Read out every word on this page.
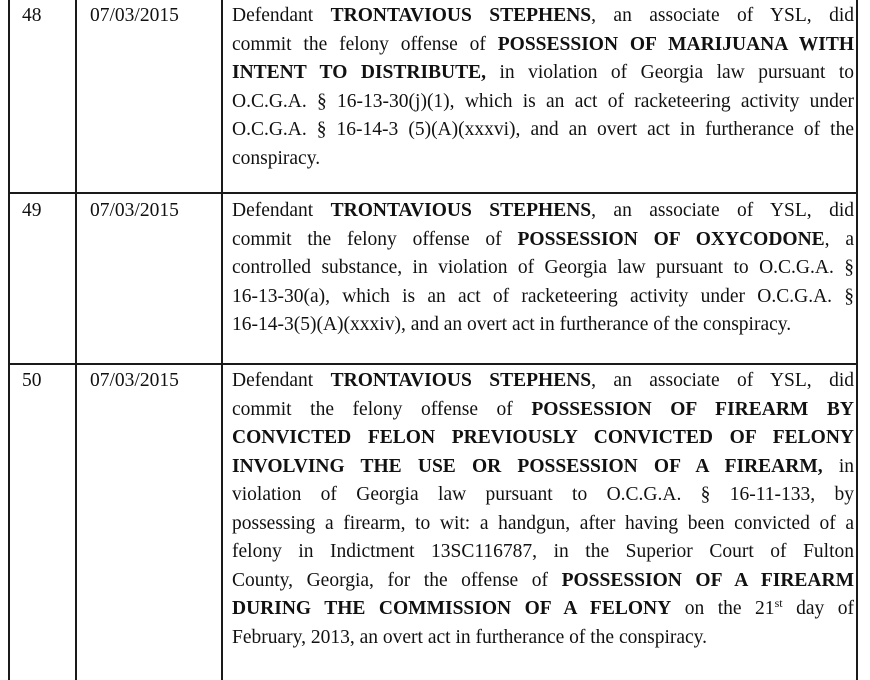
48 07/03/2015	Defendant TRONTAVIOUS STEPHENS, an associate of YSL, did
commit the felony offense of POSSESSION OF MARIJUANA WITH
INTENT TO DISTRIBUTE, in violation of Georgia law pursuant to
O.C.G.A. § 16-13-30(j)(1), which is an act of racketeering activity under
O.C.G.A. § 16-14-3 (5)(A)(xxxvi), and an overt act in furtherance of the
conspiracy.
49 07/03/2015	Defendant TRONTAVIOUS STEPHENS, an associate of YSL, did
commit the felony offense of POSSESSION OF OXYCODONE, a
controlled substance, in violation of Georgia law pursuant to O.C.G.A. §
16-13-30(a), which is an act of racketeering activity under O.C.G.A. §
16-14-3(5)(A)(xxxiv), and an overt act in furtherance of the conspiracy.
50 07/03/2015	Defendant TRONTAVIOUS STEPHENS, an associate of YSL, did
commit the felony offense of POSSESSION OF FIREARM BY
CONVICTED FELON PREVIOUSLY CONVICTED OF FELONY
INVOLVING THE USE OR POSSESSION OF A FIREARM, in
violation of Georgia law pursuant to O.C.G.A. § 16-11-133, by
possessing a firearm, to wit: a handgun, after having been convicted of a
felony in Indictment 13SC116787, in the Superior Court of Fulton
County, Georgia, for the offense of POSSESSION OF A FIREARM
DURING THE COMMISSION OF A FELONY on the 21st day of
February, 2013, an overt act in furtherance of the conspiracy.
